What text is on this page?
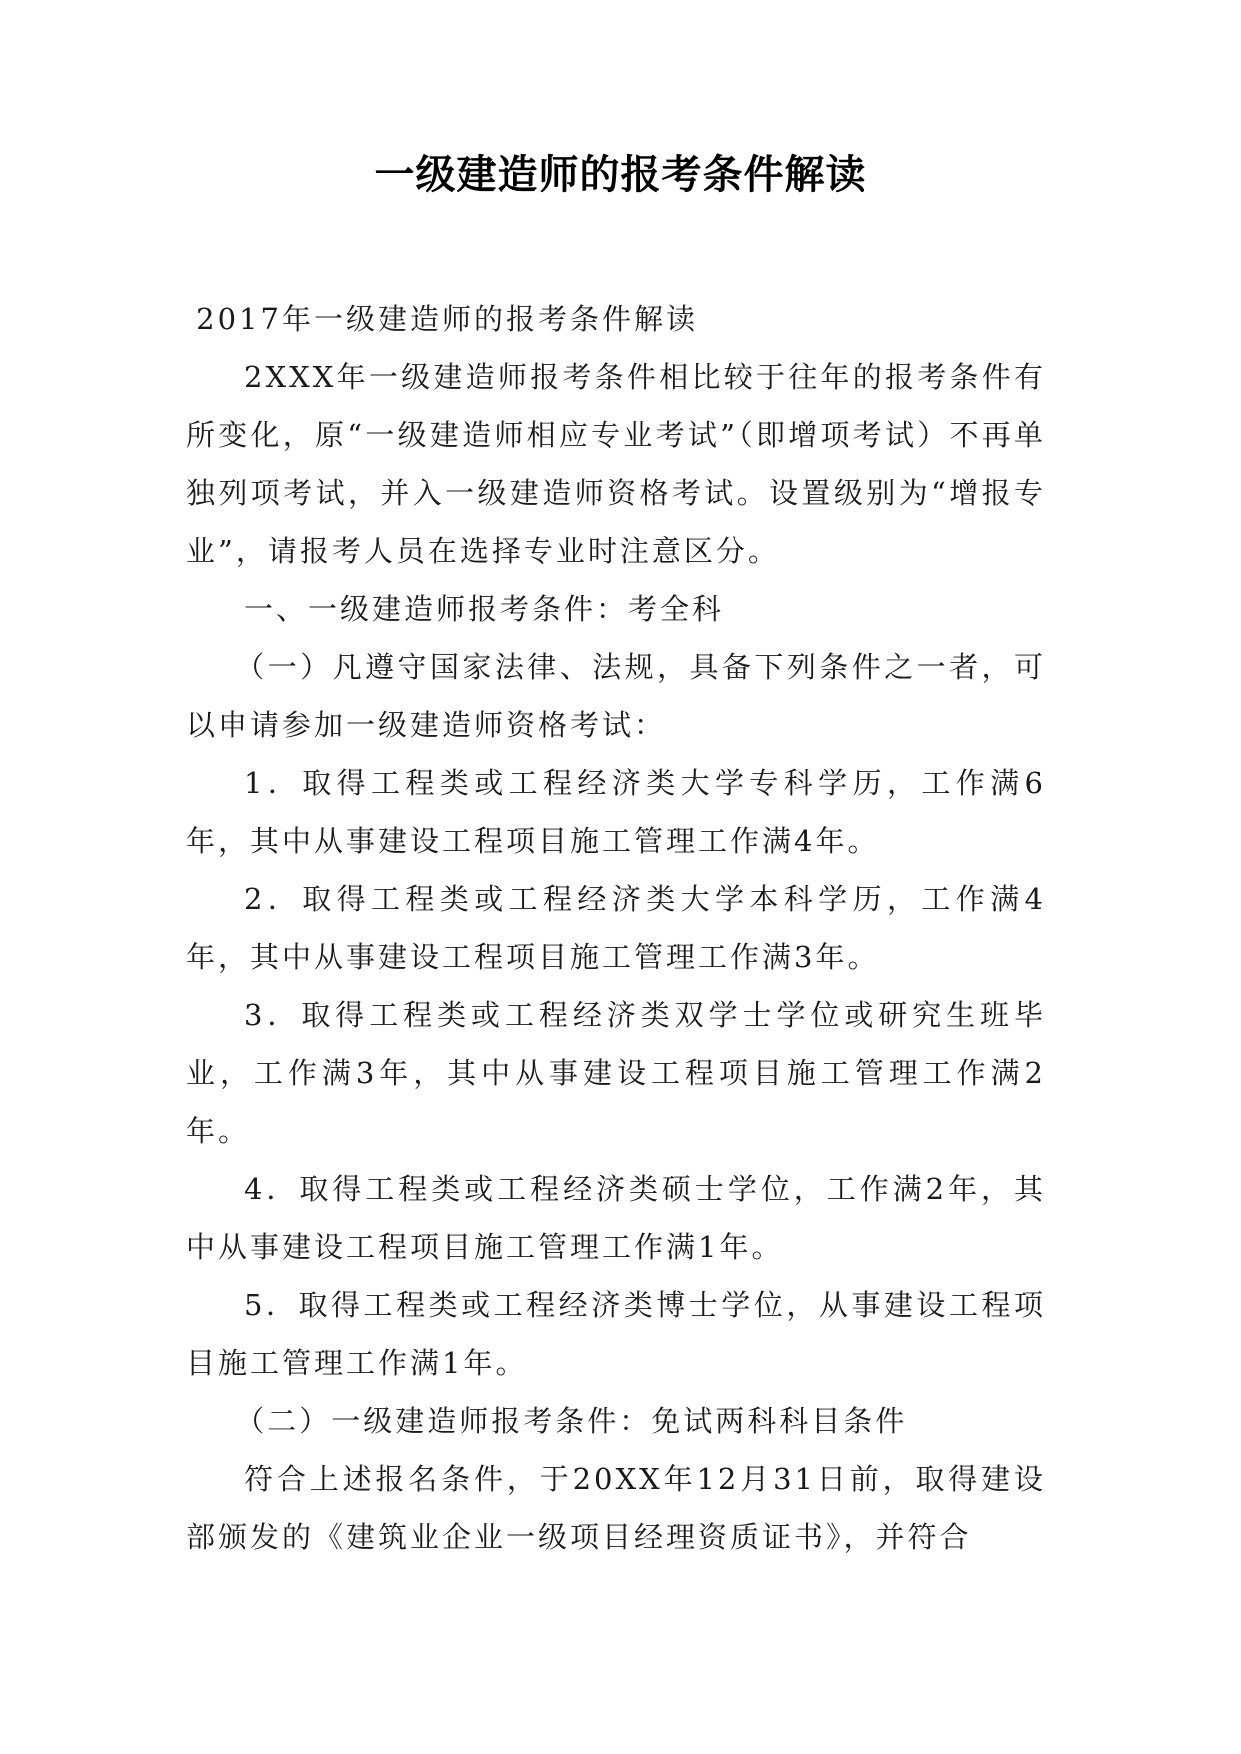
一级建造师的报考条件解读

2017年一级建造师的报考条件解读

2XXX年一级建造师报考条件相比较于往年的报考条件有所变化，原“一级建造师相应专业考试”（即增项考试）不再单独列项考试，并入一级建造师资格考试。设置级别为“增报专业”，请报考人员在选择专业时注意区分。

一、一级建造师报考条件：考全科

（一）凡遵守国家法律、法规，具备下列条件之一者，可以申请参加一级建造师资格考试：

1．取得工程类或工程经济类大学专科学历，工作满6年，其中从事建设工程项目施工管理工作满4年。

2．取得工程类或工程经济类大学本科学历，工作满4年，其中从事建设工程项目施工管理工作满3年。

3．取得工程类或工程经济类双学士学位或研究生班毕业，工作满3年，其中从事建设工程项目施工管理工作满2年。

4．取得工程类或工程经济类硕士学位，工作满2年，其中从事建设工程项目施工管理工作满1年。

5．取得工程类或工程经济类博士学位，从事建设工程项目施工管理工作满1年。

（二）一级建造师报考条件：免试两科科目条件

符合上述报名条件，于20XX年12月31日前，取得建设部颁发的《建筑业企业一级项目经理资质证书》，并符合
